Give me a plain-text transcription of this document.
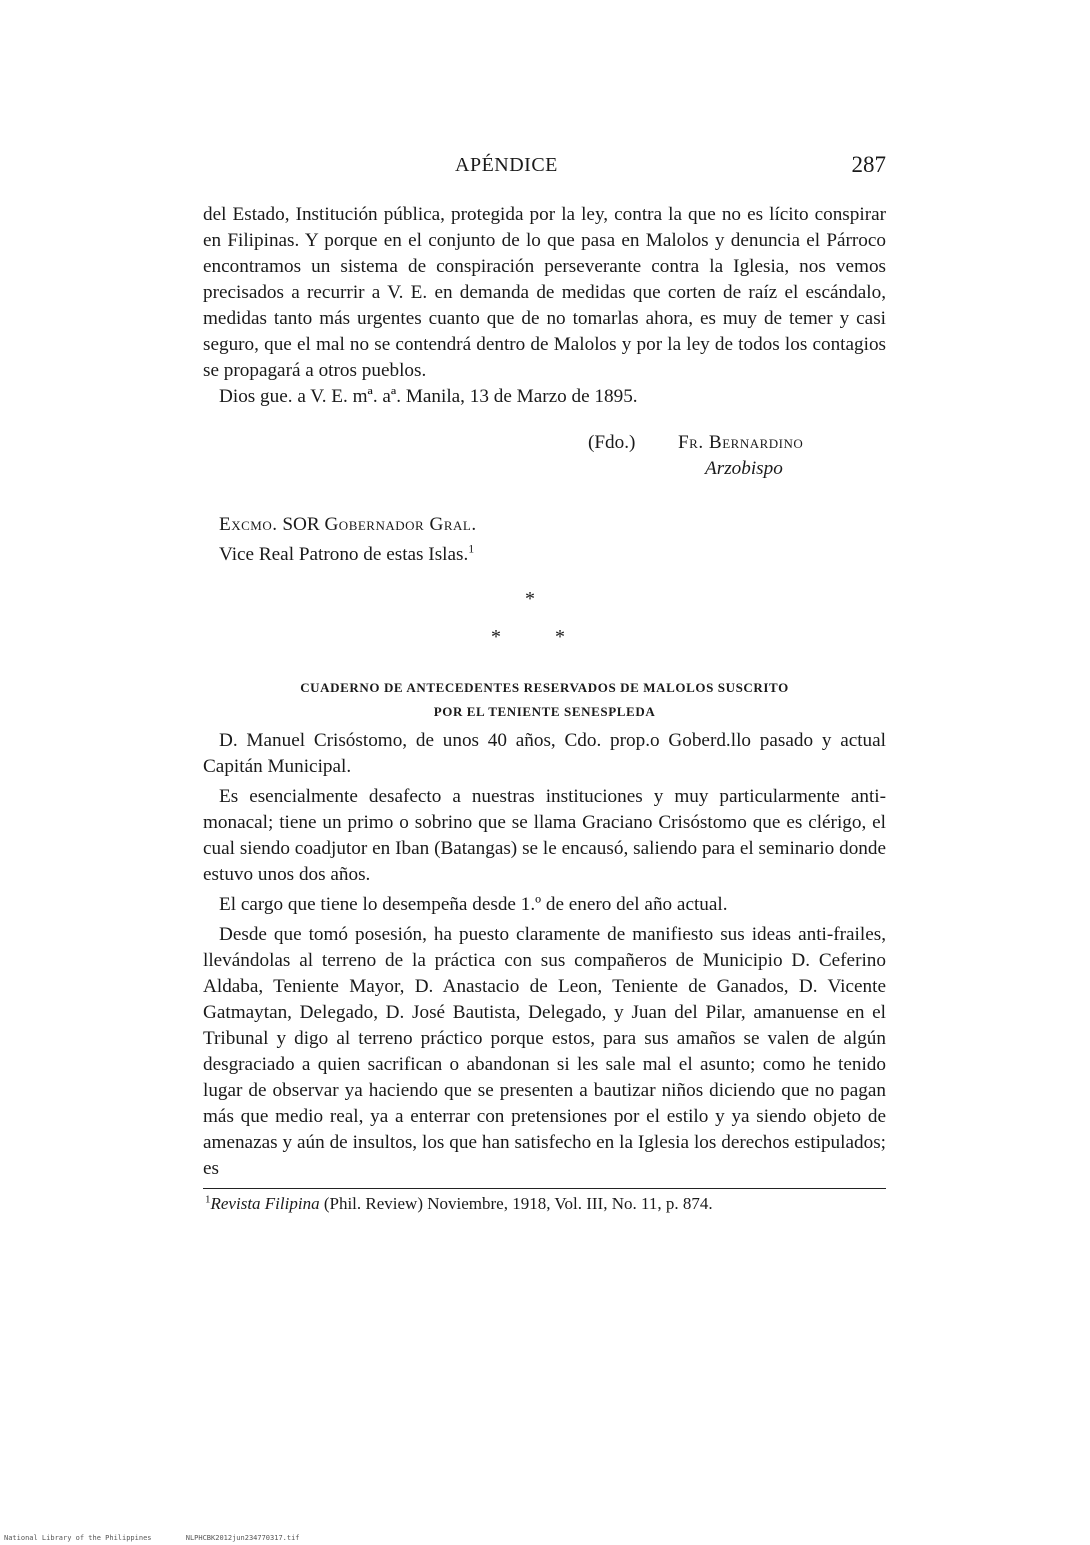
APÉNDICE	287

del Estado, Institución pública, protegida por la ley, contra la que no es lícito conspirar en Filipinas. Y porque en el conjunto de lo que pasa en Malolos y denuncia el Párroco encontramos un sistema de conspiración perseverante contra la Iglesia, nos vemos precisados a recurrir a V. E. en demanda de medidas que corten de raíz el escándalo, medidas tanto más urgentes cuanto que de no tomarlas ahora, es muy de temer y casi seguro, que el mal no se contendrá dentro de Malolos y por la ley de todos los contagios se propagará a otros pueblos.

Dios gue. a V. E. mª. aª. Manila, 13 de Marzo de 1895.

(Fdo.) Fr. Bernardino
Arzobispo
Excmo. SOR Gobernador Gral.
Vice Real Patrono de estas Islas.$^1$
*
*	*
CUADERNO DE ANTECEDENTES RESERVADOS DE MALOLOS SUSCRITO
POR EL TENIENTE SENESPLEDA

D. Manuel Crisóstomo, de unos 40 años, Cdo. prop.o Goberd.llo pasado y actual Capitán Municipal.

Es esencialmente desafecto a nuestras instituciones y muy particularmente anti-monacal; tiene un primo o sobrino que se llama Graciano Crisóstomo que es clérigo, el cual siendo coadjutor en Iban (Batangas) se le encausó, saliendo para el seminario donde estuvo unos dos años.

El cargo que tiene lo desempeña desde 1.º de enero del año actual.

Desde que tomó posesión, ha puesto claramente de manifiesto sus ideas anti-frailes, llevándolas al terreno de la práctica con sus compañeros de Municipio D. Ceferino Aldaba, Teniente Mayor, D. Anastacio de Leon, Teniente de Ganados, D. Vicente Gatmaytan, Delegado, D. José Bautista, Delegado, y Juan del Pilar, amanuense en el Tribunal y digo al terreno práctico porque estos, para sus amaños se valen de algún desgraciado a quien sacrifican o abandonan si les sale mal el asunto; como he tenido lugar de observar ya haciendo que se presenten a bautizar niños diciendo que no pagan más que medio real, ya a enterrar con pretensiones por el estilo y ya siendo objeto de amenazas y aún de insultos, los que han satisfecho en la Iglesia los derechos estipulados; es

$^1$Revista Filipina (Phil. Review) Noviembre, 1918, Vol. III, No. 11, p. 874.
National Library of the Philippines	NLPHCBK2012jun234770317.tif
